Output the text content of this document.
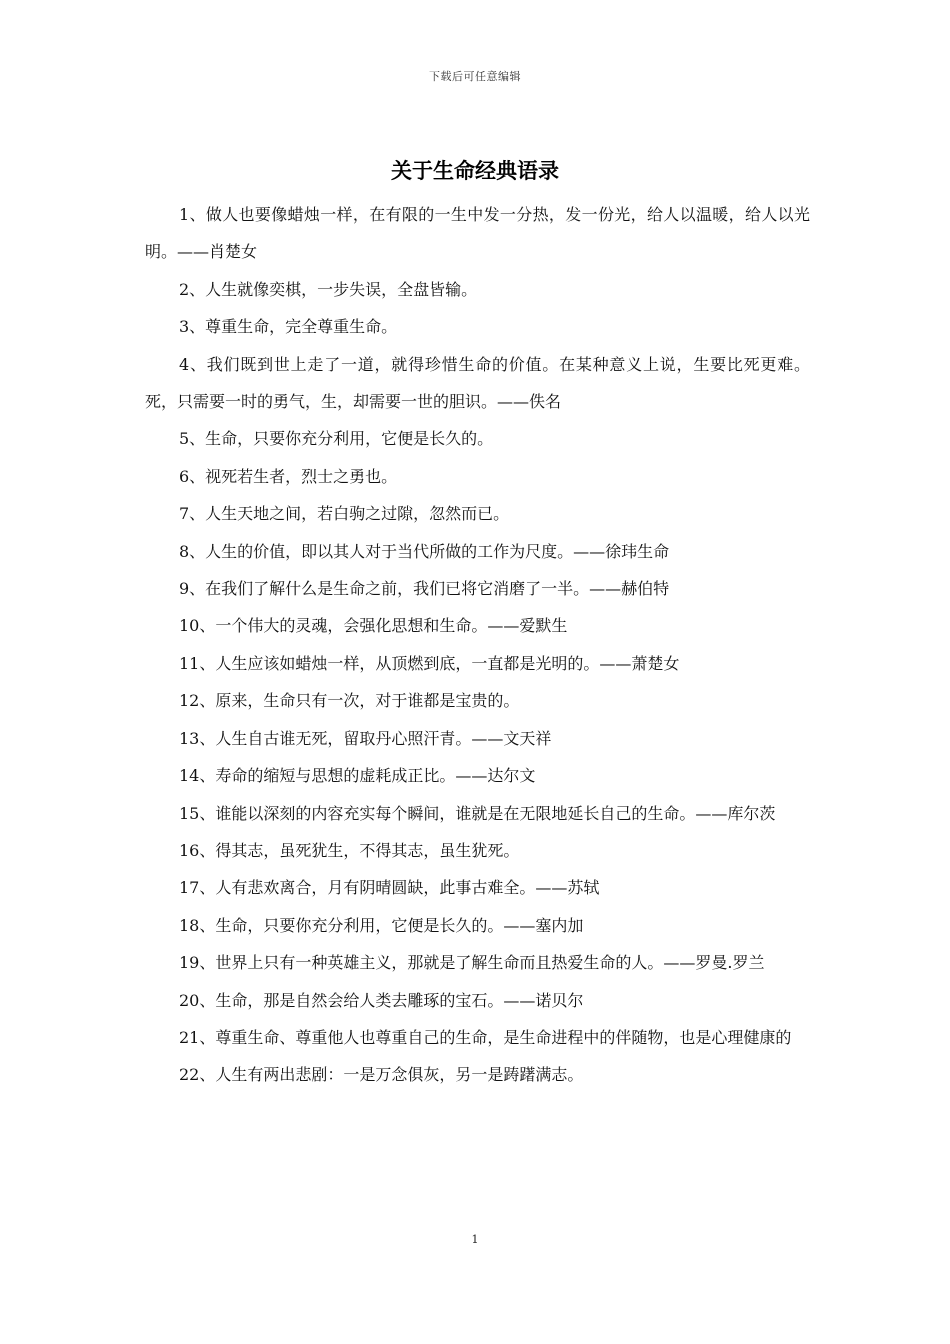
下载后可任意编辑
关于生命经典语录

1、做人也要像蜡烛一样，在有限的一生中发一分热，发一份光，给人以温暖，给人以光明。——肖楚女

2、人生就像奕棋，一步失误，全盘皆输。

3、尊重生命，完全尊重生命。

4、我们既到世上走了一道，就得珍惜生命的价值。在某种意义上说，生要比死更难。死，只需要一时的勇气，生，却需要一世的胆识。——佚名

5、生命，只要你充分利用，它便是长久的。

6、视死若生者，烈士之勇也。

7、人生天地之间，若白驹之过隙，忽然而已。

8、人生的价值，即以其人对于当代所做的工作为尺度。——徐玮生命

9、在我们了解什么是生命之前，我们已将它消磨了一半。——赫伯特

10、一个伟大的灵魂，会强化思想和生命。——爱默生

11、人生应该如蜡烛一样，从顶燃到底，一直都是光明的。——萧楚女

12、原来，生命只有一次，对于谁都是宝贵的。

13、人生自古谁无死，留取丹心照汗青。——文天祥

14、寿命的缩短与思想的虚耗成正比。——达尔文

15、谁能以深刻的内容充实每个瞬间，谁就是在无限地延长自己的生命。——库尔茨

16、得其志，虽死犹生，不得其志，虽生犹死。

17、人有悲欢离合，月有阴晴圆缺，此事古难全。——苏轼

18、生命，只要你充分利用，它便是长久的。——塞内加

19、世界上只有一种英雄主义，那就是了解生命而且热爱生命的人。——罗曼.罗兰

20、生命，那是自然会给人类去雕琢的宝石。——诺贝尔

21、尊重生命、尊重他人也尊重自己的生命，是生命进程中的伴随物，也是心理健康的

22、人生有两出悲剧：一是万念俱灰，另一是踌躇满志。

1
